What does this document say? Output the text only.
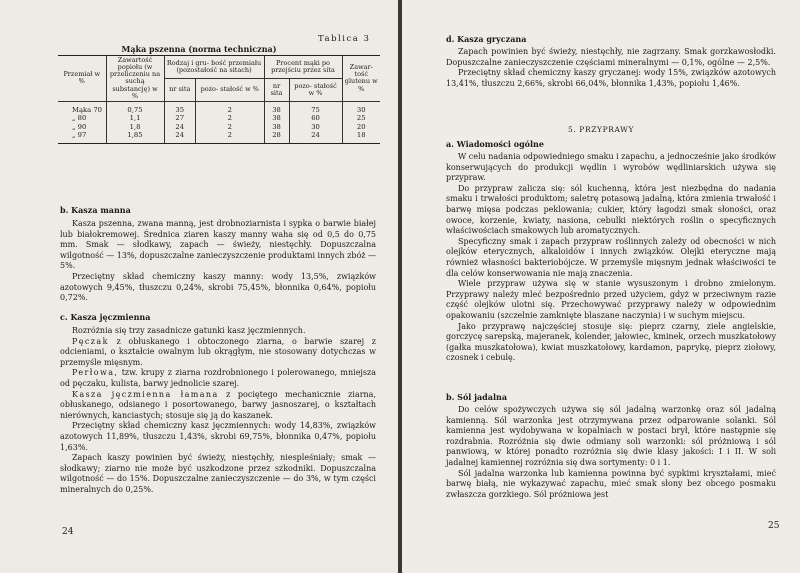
Tablica 3
Mąka pszenna (norma techniczna)
Przemiał w %	Zawartość popiołu (w przeliczeniu na suchą substancję) w %	Rodzaj i gru- bość przemiału (pozostałość na sitach)		Procent mąki po przejściu przez sita		Zawar- tość glutenu w %
		nr sita	pozo- stałość w %	nr sita	pozo- stałość w %	
Mąka 70	0,75	35	2	38	75	30
„ 80	1,1	27	2	38	60	25
„ 90	1,8	24	2	38	30	20
„ 97	1,85	24	2	28	24	18
b. Kasza manna

Kasza pszenna, zwana manną, jest drobnoziarnista i sypka o barwie białej lub białokremowej. Średnica ziaren kaszy manny waha się od 0,5 do 0,75 mm. Smak — słodkawy, zapach — świeży, niestęchły. Dopuszczalna wilgotność — 13%, dopuszczalne zanieczyszczenie produktami innych zbóż — 5%.

Przeciętny skład chemiczny kaszy manny: wody 13,5%, związków azotowych 9,45%, tłuszczu 0,24%, skrobi 75,45%, błonnika 0,64%, popiołu 0,72%.

c. Kasza jęczmienna

Rozróżnia się trzy zasadnicze gatunki kasz jęczmiennych.

Pęczak z obłuskanego i obtoczonego ziarna, o barwie szarej z odcieniami, o kształcie owalnym lub okrągłym, nie stosowany dotychczas w przemyśle mięsnym.

Perłowa, tzw. krupy z ziarna rozdrobnionego i polerowanego, mniejsza od pęczaku, kulista, barwy jednolicie szarej.

Kasza jęczmienna łamana z pociętego mechanicznie ziarna, obłuskanego, odsianego i posortowanego, barwy jasnoszarej, o kształtach nierównych, kanciastych; stosuje się ją do kaszanek.

Przeciętny skład chemiczny kasz jęczmiennych: wody 14,83%, związków azotowych 11,89%, tłuszczu 1,43%, skrobi 69,75%, błonnika 0,47%, popiołu 1,63%.

Zapach kaszy powinien być świeży, niestęchły, niespleśniały; smak — słodkawy; ziarno nie może być uszkodzone przez szkodniki. Dopuszczalna wilgotność — do 15%. Dopuszczalne zanieczyszczenie — do 3%, w tym części mineralnych do 0,25%.

24
d. Kasza gryczana

Zapach powinien być świeży, niestęchły, nie zagrzany. Smak gorzkawosłodki. Dopuszczalne zanieczyszczenie częściami mineralnymi — 0,1%, ogólne — 2,5%.

Przeciętny skład chemiczny kaszy gryczanej: wody 15%, związków azotowych 13,41%, tłuszczu 2,66%, skrobi 66,04%, błonnika 1,43%, popiołu 1,46%.

5. PRZYPRAWY
a. Wiadomości ogólne

W celu nadania odpowiedniego smaku i zapachu, a jednocześnie jako środków konserwujących do produkcji wędlin i wyrobów wędliniarskich używa się przypraw.

Do przypraw zalicza się: sól kuchenną, która jest niezbędna do nadania smaku i trwałości produktom; saletrę potasową jadalną, która zmienia trwałość i barwę mięsa podczas peklowania; cukier, który łagodzi smak słoności, oraz owoce, korzenie, kwiaty, nasiona, cebulki niektórych roślin o specyficznych właściwościach smakowych lub aromatycznych.

Specyficzny smak i zapach przypraw roślinnych zależy od obecności w nich olejków eterycznych, alkaloidów i innych związków. Olejki eteryczne mają również własności bakteriobójcze. W przemyśle mięsnym jednak właściwości te dla celów konserwowania nie mają znaczenia.

Wiele przypraw używa się w stanie wysuszonym i drobno zmielonym. Przyprawy należy mleć bezpośrednio przed użyciem, gdyż w przeciwnym razie część olejków ulotni się. Przechowywać przyprawy należy w odpowiednim opakowaniu (szczelnie zamknięte blaszane naczynia) i w suchym miejscu.

Jako przyprawę najczęściej stosuje się: pieprz czarny, ziele angielskie, gorczycę sarepską, majeranek, kolender, jałowiec, kminek, orzech muszkatołowy (gałka muszkatołowa), kwiat muszkatołowy, kardamon, paprykę, pieprz ziołowy, czosnek i cebulę.

b. Sól jadalna

Do celów spożywczych używa się sól jadalną warzonkę oraz sól jadalną kamienną. Sól warzonka jest otrzymywana przez odparowanie solanki. Sól kamienna jest wydobywana w kopalniach w postaci brył, które następnie się rozdrabnia. Rozróżnia się dwie odmiany soli warzonki: sól próżniową i sól panwiową, w której ponadto rozróżnia się dwie klasy jakości: I i II. W soli jadalnej kamiennej rozróżnia się dwa sortymenty: 0 i 1.

Sól jadalna warzonka lub kamienna powinna być sypkimi kryształami, mieć barwę białą, nie wykazywać zapachu, mieć smak słony bez obcego posmaku zwłaszcza gorzkiego. Sól próżniowa jest

25
